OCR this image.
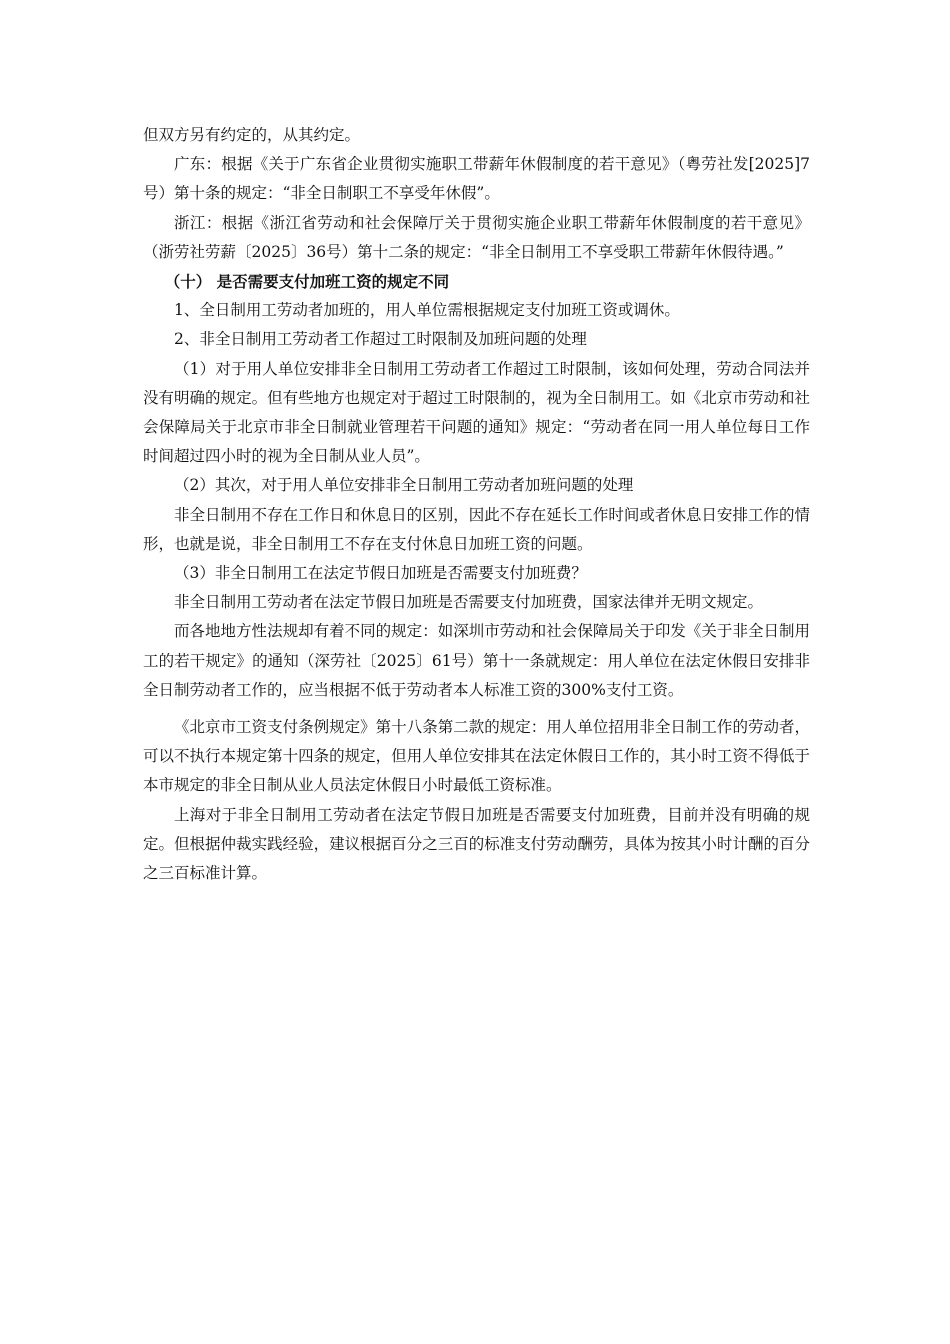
但双方另有约定的，从其约定。

广东：根据《关于广东省企业贯彻实施职工带薪年休假制度的若干意见》（粤劳社发[2025]7号）第十条的规定：“非全日制职工不享受年休假”。

浙江：根据《浙江省劳动和社会保障厅关于贯彻实施企业职工带薪年休假制度的若干意见》（浙劳社劳薪〔2025〕36号）第十二条的规定：“非全日制用工不享受职工带薪年休假待遇。”

（十） 是否需要支付加班工资的规定不同

1、全日制用工劳动者加班的，用人单位需根据规定支付加班工资或调休。

2、非全日制用工劳动者工作超过工时限制及加班问题的处理

（1）对于用人单位安排非全日制用工劳动者工作超过工时限制，该如何处理，劳动合同法并没有明确的规定。但有些地方也规定对于超过工时限制的，视为全日制用工。如《北京市劳动和社会保障局关于北京市非全日制就业管理若干问题的通知》规定：“劳动者在同一用人单位每日工作时间超过四小时的视为全日制从业人员”。

（2）其次，对于用人单位安排非全日制用工劳动者加班问题的处理

非全日制用不存在工作日和休息日的区别，因此不存在延长工作时间或者休息日安排工作的情形，也就是说，非全日制用工不存在支付休息日加班工资的问题。

（3）非全日制用工在法定节假日加班是否需要支付加班费？

非全日制用工劳动者在法定节假日加班是否需要支付加班费，国家法律并无明文规定。

而各地地方性法规却有着不同的规定：如深圳市劳动和社会保障局关于印发《关于非全日制用工的若干规定》的通知（深劳社〔2025〕61号）第十一条就规定：用人单位在法定休假日安排非全日制劳动者工作的，应当根据不低于劳动者本人标准工资的300%支付工资。

《北京市工资支付条例规定》第十八条第二款的规定：用人单位招用非全日制工作的劳动者，可以不执行本规定第十四条的规定，但用人单位安排其在法定休假日工作的，其小时工资不得低于本市规定的非全日制从业人员法定休假日小时最低工资标准。

上海对于非全日制用工劳动者在法定节假日加班是否需要支付加班费，目前并没有明确的规定。但根据仲裁实践经验，建议根据百分之三百的标准支付劳动酬劳，具体为按其小时计酬的百分之三百标准计算。
